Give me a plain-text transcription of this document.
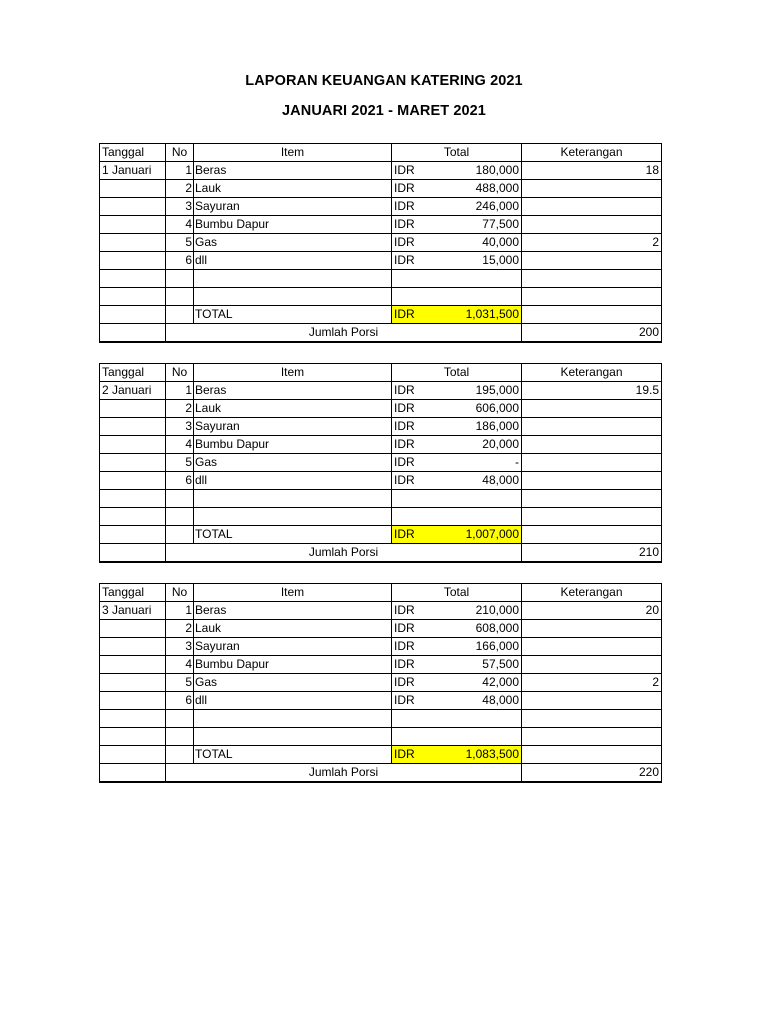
LAPORAN KEUANGAN KATERING 2021
JANUARI 2021 - MARET 2021
Tanggal	No	Item	Total	Keterangan
1 Januari	1	Beras	IDR 180,000	18
	2	Lauk	IDR 488,000	

	3	Sayuran	IDR 246,000	

	4	Bumbu Dapur	IDR 77,500	

	5	Gas	IDR 40,000	2
	6	dll	IDR 15,000	

		TOTAL	IDR 1,031,500	

	Jumlah Porsi			200
Tanggal	No	Item	Total	Keterangan
2 Januari	1	Beras	IDR 195,000	19.5
	2	Lauk	IDR 606,000	

	3	Sayuran	IDR 186,000	

	4	Bumbu Dapur	IDR 20,000	

	5	Gas	IDR -	

	6	dll	IDR 48,000	

		TOTAL	IDR 1,007,000	

	Jumlah Porsi			210
Tanggal	No	Item	Total	Keterangan
3 Januari	1	Beras	IDR 210,000	20
	2	Lauk	IDR 608,000	

	3	Sayuran	IDR 166,000	

	4	Bumbu Dapur	IDR 57,500	

	5	Gas	IDR 42,000	2
	6	dll	IDR 48,000	

		TOTAL	IDR 1,083,500	

	Jumlah Porsi			220
